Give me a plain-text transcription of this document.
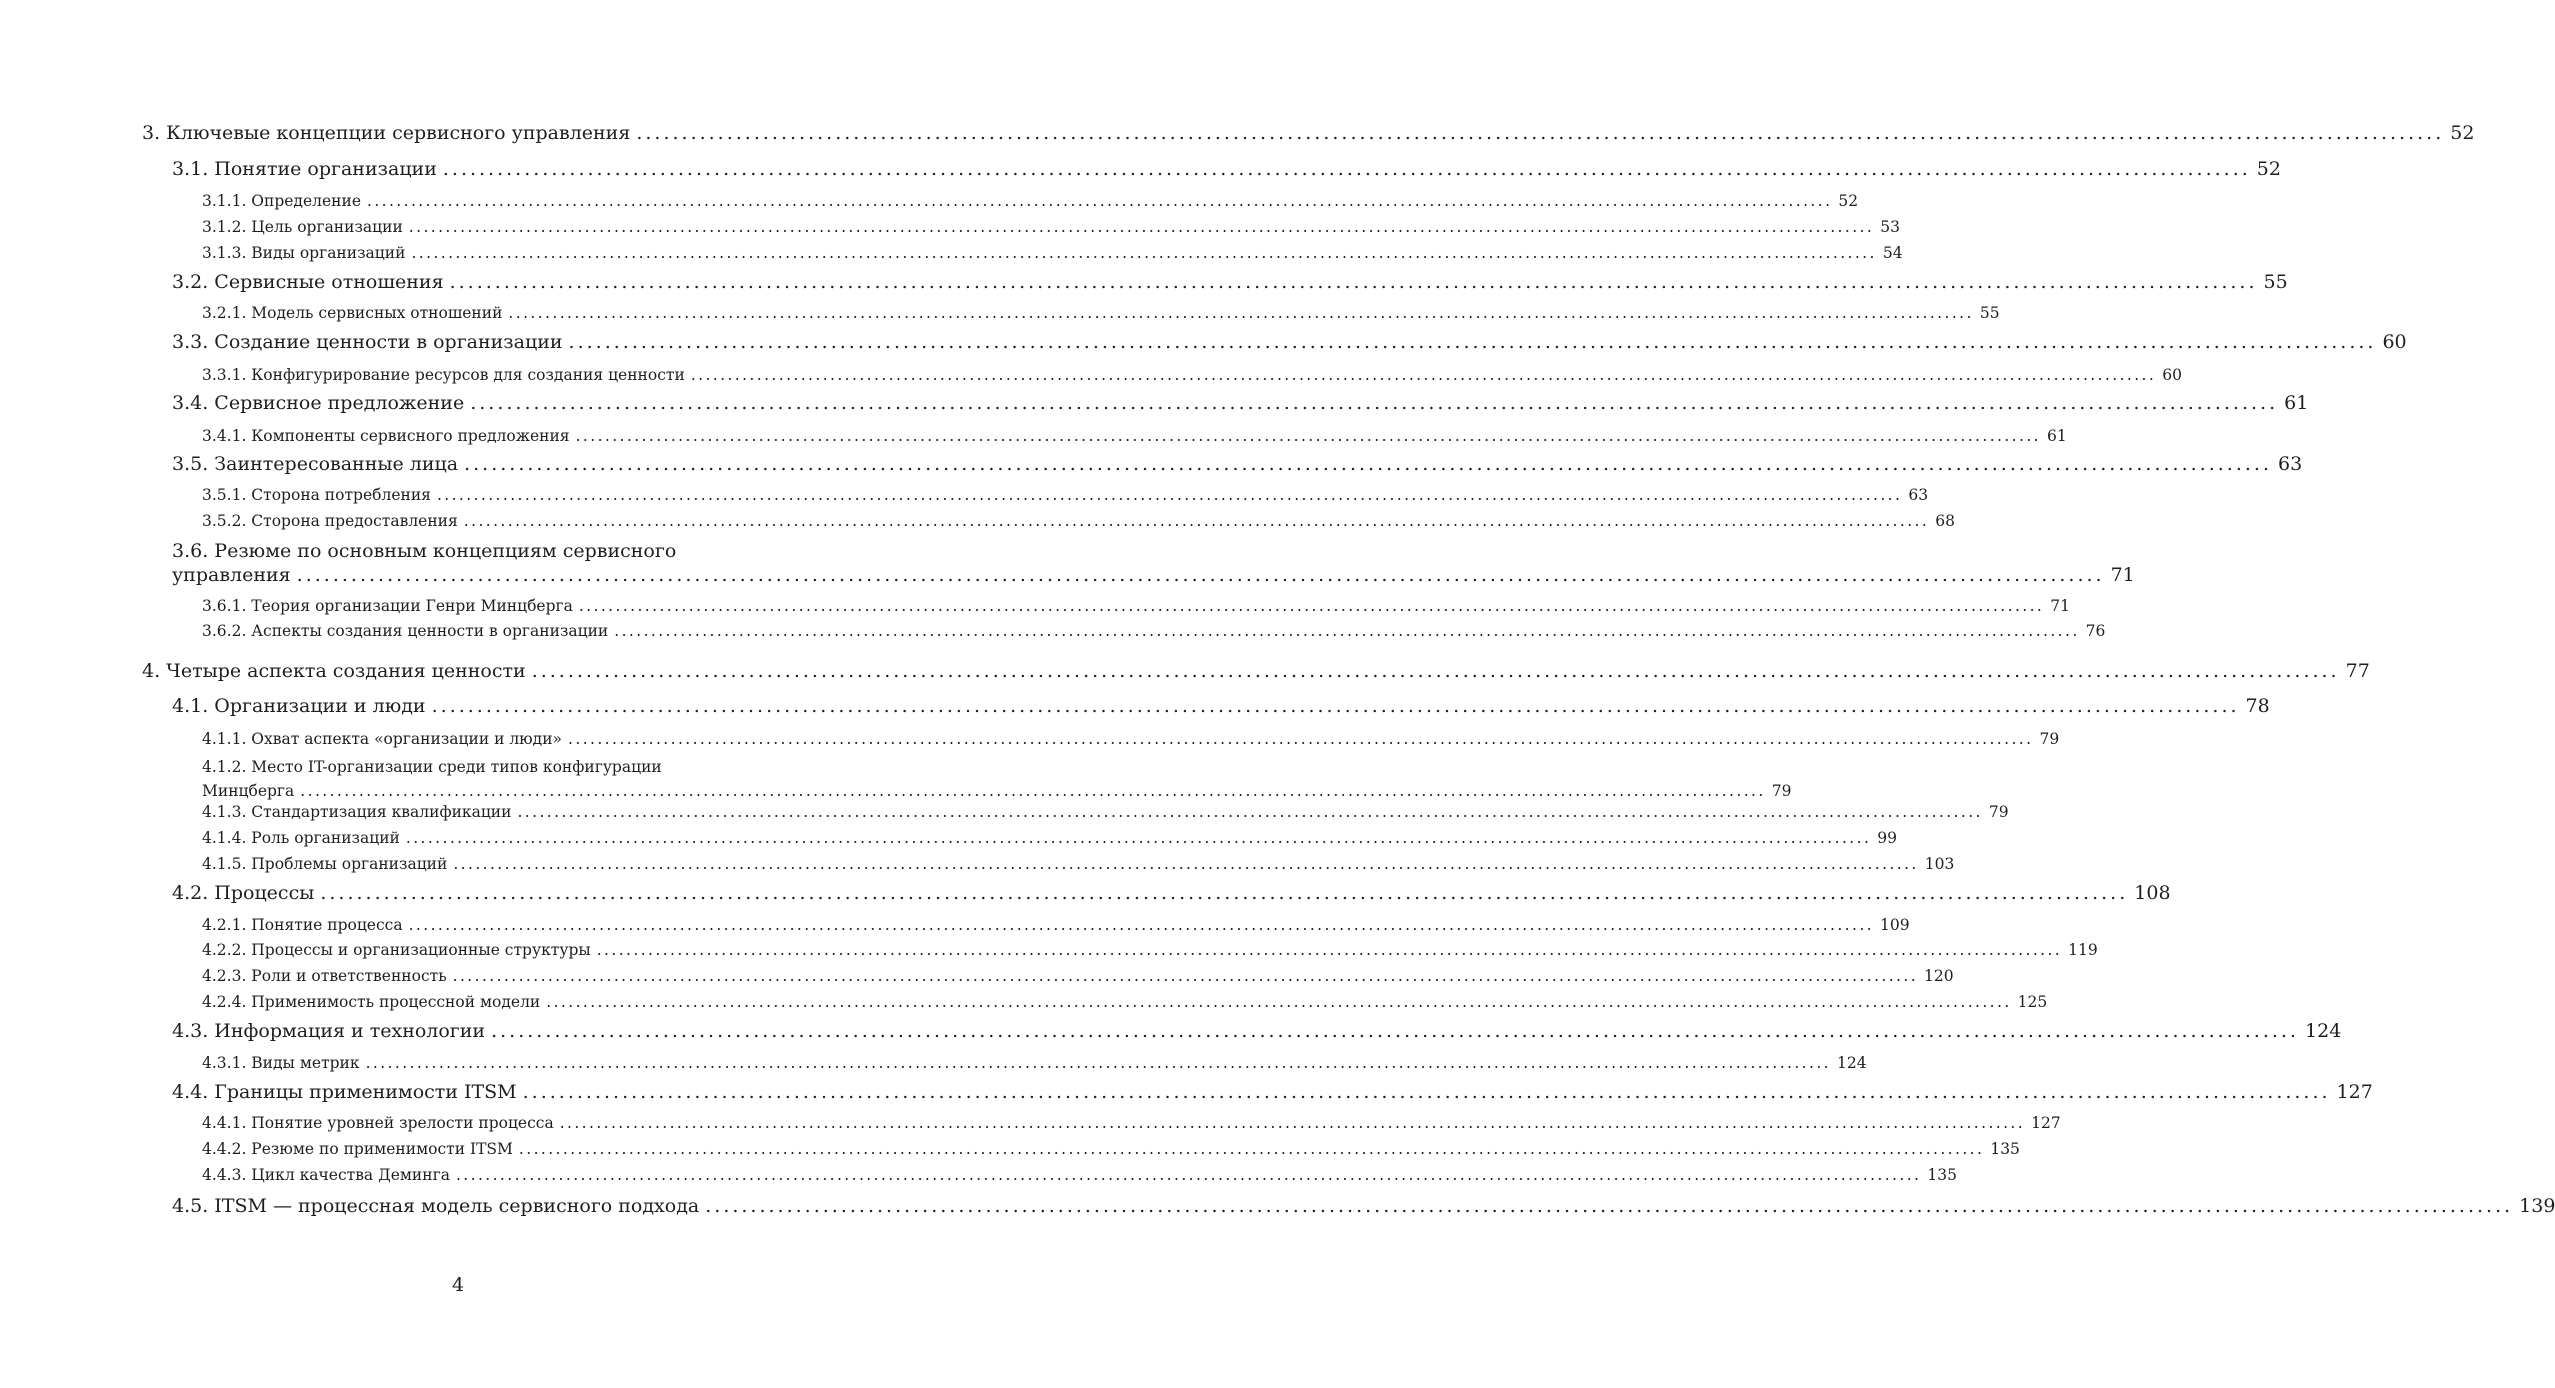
3. Ключевые концепции сервисного управления ........................................................................................................................................................................................................ 52
3.1. Понятие организации ........................................................................................................................................................................................................ 52
3.1.1. Определение ........................................................................................................................................................................................................ 52
3.1.2. Цель организации ........................................................................................................................................................................................................ 53
3.1.3. Виды организаций ........................................................................................................................................................................................................ 54
3.2. Сервисные отношения ........................................................................................................................................................................................................ 55
3.2.1. Модель сервисных отношений ........................................................................................................................................................................................................ 55
3.3. Создание ценности в организации ........................................................................................................................................................................................................ 60
3.3.1. Конфигурирование ресурсов для создания ценности ........................................................................................................................................................................................................ 60
3.4. Сервисное предложение ........................................................................................................................................................................................................ 61
3.4.1. Компоненты сервисного предложения ........................................................................................................................................................................................................ 61
3.5. Заинтересованные лица ........................................................................................................................................................................................................ 63
3.5.1. Сторона потребления ........................................................................................................................................................................................................ 63
3.5.2. Сторона предоставления ........................................................................................................................................................................................................ 68
3.6. Резюме по основным концепциям сервисного
управления ........................................................................................................................................................................................................ 71
3.6.1. Теория организации Генри Минцберга ........................................................................................................................................................................................................ 71
3.6.2. Аспекты создания ценности в организации ........................................................................................................................................................................................................ 76
4. Четыре аспекта создания ценности ........................................................................................................................................................................................................ 77
4.1. Организации и люди ........................................................................................................................................................................................................ 78
4.1.1. Охват аспекта «организации и люди» ........................................................................................................................................................................................................ 79
4.1.2. Место IT-организации среди типов конфигурации
Минцберга ........................................................................................................................................................................................................ 79
4.1.3. Стандартизация квалификации ........................................................................................................................................................................................................ 79
4.1.4. Роль организаций ........................................................................................................................................................................................................ 99
4.1.5. Проблемы организаций ........................................................................................................................................................................................................ 103
4.2. Процессы ........................................................................................................................................................................................................ 108
4.2.1. Понятие процесса ........................................................................................................................................................................................................ 109
4.2.2. Процессы и организационные структуры ........................................................................................................................................................................................................ 119
4.2.3. Роли и ответственность ........................................................................................................................................................................................................ 120
4.2.4. Применимость процессной модели ........................................................................................................................................................................................................ 125
4.3. Информация и технологии ........................................................................................................................................................................................................ 124
4.3.1. Виды метрик ........................................................................................................................................................................................................ 124
4.4. Границы применимости ITSM ........................................................................................................................................................................................................ 127
4.4.1. Понятие уровней зрелости процесса ........................................................................................................................................................................................................ 127
4.4.2. Резюме по применимости ITSM ........................................................................................................................................................................................................ 135
4.4.3. Цикл качества Деминга ........................................................................................................................................................................................................ 135
4.5. ITSM — процессная модель сервисного подхода ........................................................................................................................................................................................................ 139
4
